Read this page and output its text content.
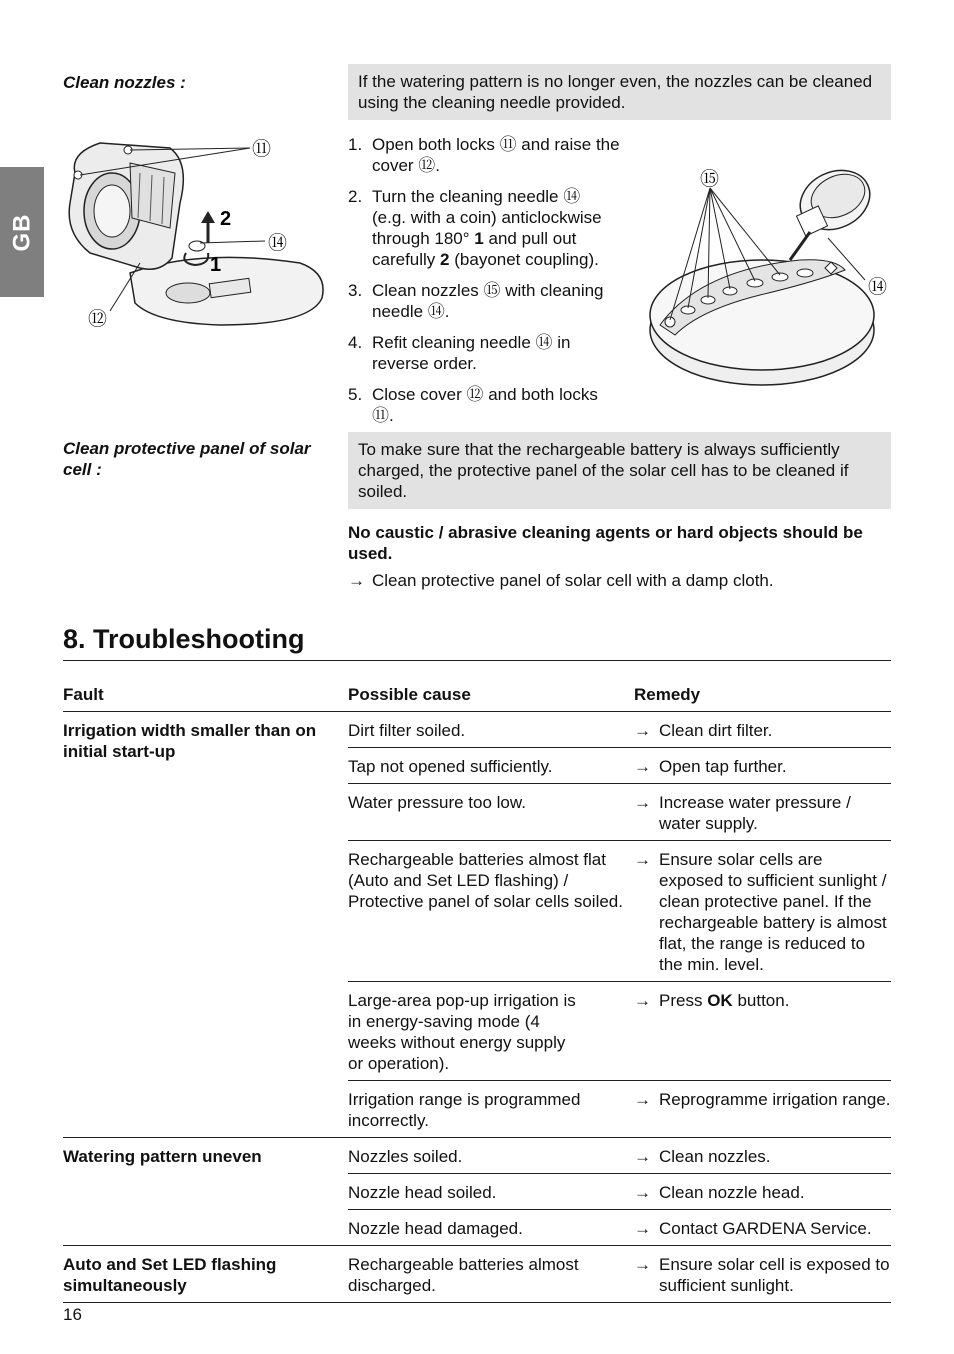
GB
Clean nozzles :	If the watering pattern is no longer even, the nozzles can be cleaned using the cleaning needle provided.
⑪
⑭
⑫
2
1
1. Open both locks ⑪ and raise the cover ⑫.
2. Turn the cleaning needle ⑭
(e.g. with a coin) anticlockwise
through 180° 1 and pull out
carefully 2 (bayonet coupling).
3. Clean nozzles ⑮ with cleaning needle ⑭.
4. Refit cleaning needle ⑭ in reverse order.
5. Close cover ⑫ and both locks ⑪.
⑮
⑭
Clean protective panel of solar cell :
To make sure that the rechargeable battery is always sufficiently charged, the protective panel of the solar cell has to be cleaned if soiled.
No caustic / abrasive cleaning agents or hard objects should be used.
→ Clean protective panel of solar cell with a damp cloth.
8. Troubleshooting
Fault	Possible cause	Remedy
Irrigation width smaller than on initial start-up	Dirt filter soiled.	→ Clean dirt filter.
	Tap not opened sufficiently.	→ Open tap further.
	Water pressure too low.	→ Increase water pressure / water supply.
	Rechargeable batteries almost flat (Auto and Set LED flashing) / Protective panel of solar cells soiled.	→ Ensure solar cells are exposed to sufficient sunlight / clean protective panel. If the rechargeable battery is almost flat, the range is reduced to the min. level.
	Large-area pop-up irrigation is in energy-saving mode (4 weeks without energy supply or operation).	→ Press OK button.
	Irrigation range is programmed incorrectly.	→ Reprogramme irrigation range.
Watering pattern uneven	Nozzles soiled.	→ Clean nozzles.
	Nozzle head soiled.	→ Clean nozzle head.
	Nozzle head damaged.	→ Contact GARDENA Service.
Auto and Set LED flashing simultaneously	Rechargeable batteries almost discharged.	→ Ensure solar cell is exposed to sufficient sunlight.
16
